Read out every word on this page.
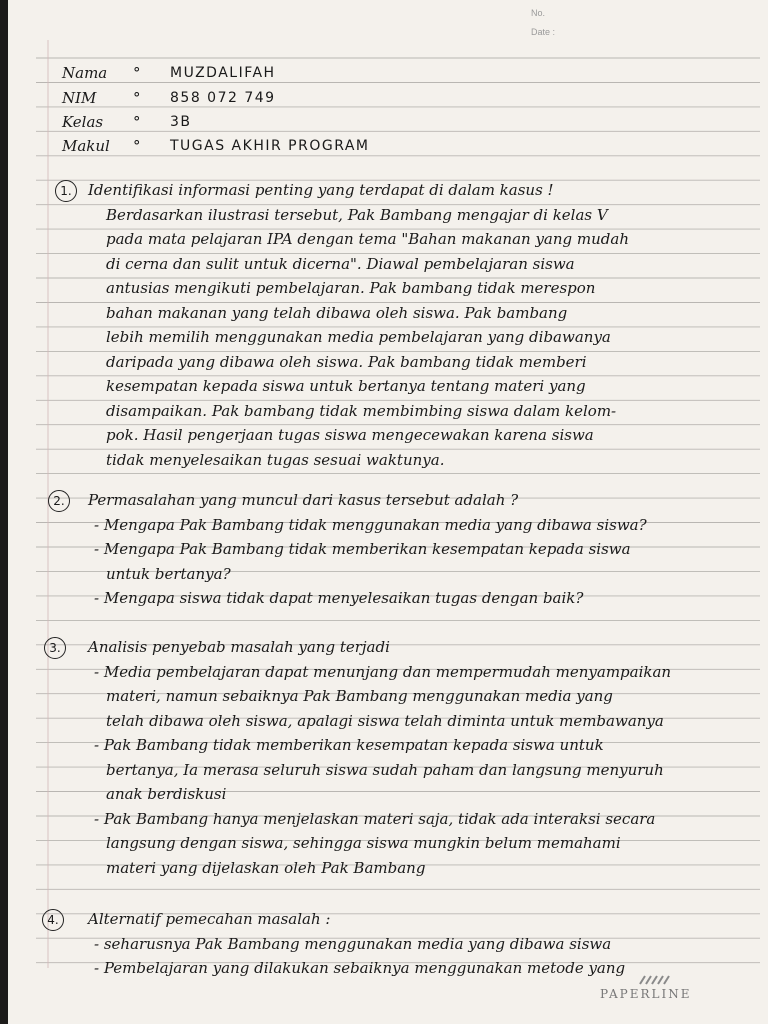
No.
Date :
Nama ° MUZDALIFAH
NIM ° 858 072 749
Kelas ° 3B
Makul ° TUGAS AKHIR PROGRAM
1.	Identifikasi informasi penting yang terdapat di dalam kasus !
Berdasarkan ilustrasi tersebut, Pak Bambang mengajar di kelas V
pada mata pelajaran IPA dengan tema "Bahan makanan yang mudah
di cerna dan sulit untuk dicerna". Diawal pembelajaran siswa
antusias mengikuti pembelajaran. Pak bambang tidak merespon
bahan makanan yang telah dibawa oleh siswa. Pak bambang
lebih memilih menggunakan media pembelajaran yang dibawanya
daripada yang dibawa oleh siswa. Pak bambang tidak memberi
kesempatan kepada siswa untuk bertanya tentang materi yang
disampaikan. Pak bambang tidak membimbing siswa dalam kelom-
pok. Hasil pengerjaan tugas siswa mengecewakan karena siswa
tidak menyelesaikan tugas sesuai waktunya.
2.	Permasalahan yang muncul dari kasus tersebut adalah ?
- Mengapa Pak Bambang tidak menggunakan media yang dibawa siswa?
- Mengapa Pak Bambang tidak memberikan kesempatan kepada siswa
untuk bertanya?
- Mengapa siswa tidak dapat menyelesaikan tugas dengan baik?
3.	Analisis penyebab masalah yang terjadi
- Media pembelajaran dapat menunjang dan mempermudah menyampaikan
materi, namun sebaiknya Pak Bambang menggunakan media yang
telah dibawa oleh siswa, apalagi siswa telah diminta untuk membawanya
- Pak Bambang tidak memberikan kesempatan kepada siswa untuk
bertanya, Ia merasa seluruh siswa sudah paham dan langsung menyuruh
anak berdiskusi
- Pak Bambang hanya menjelaskan materi saja, tidak ada interaksi secara
langsung dengan siswa, sehingga siswa mungkin belum memahami
materi yang dijelaskan oleh Pak Bambang
4.	Alternatif pemecahan masalah :
- seharusnya Pak Bambang menggunakan media yang dibawa siswa
- Pembelajaran yang dilakukan sebaiknya menggunakan metode yang
PAPERLINE
